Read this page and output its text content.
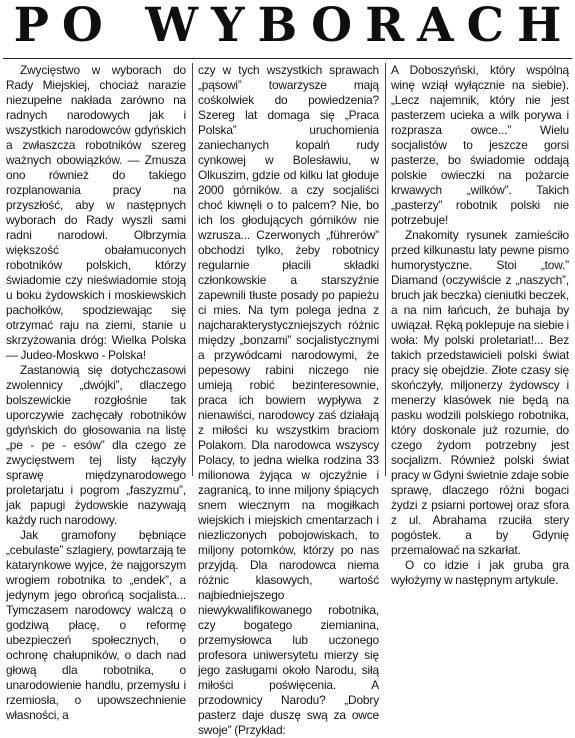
PO WYBORACH

Zwycięstwo w wyborach do Rady Miejskiej, chociaż narazie niezupełne nakłada zarówno na radnych narodowych jak i wszystkich narodowców gdyńskich a zwłaszcza robotników szereg ważnych obowiązków. — Zmusza ono również do takiego rozplanowania pracy na przyszłość, aby w następnych wyborach do Rady wyszli sami radni narodowi. Olbrzymia większość obałamuconych robotników polskich, którzy świadomie czy nieświadomie stoją u boku żydowskich i moskiewskich pachołków, spodziewając się otrzymać raju na ziemi, stanie u skrzyżowania dróg: Wielka Polska — Judeo-Moskwo - Polska!

Zastanowią się dotychczasowi zwolennicy „dwójki”, dlaczego bolszewickie rozgłośnie tak uporczywie zachęcały robotników gdyńskich do głosowania na listę „pe - pe - esów” dla czego ze zwycięstwem tej listy łączyły sprawę międzynarodowego proletarjatu i pogrom „faszyzmu”, jak papugi żydowskie nazywają każdy ruch narodowy.

Jak gramofony bębniące „cebulaste” szlagiery, powtarzają te katarynkowe wyjce, że najgorszym wrogiem robotnika to „endek”, a jedynym jego obrońcą socjalista... Tymczasem narodowcy walczą o godziwą płacę, o reformę ubezpieczeń społecznych, o ochronę chałupników, o dach nad głową dla robotnika, o unarodowienie handlu, przemysłu i rzemiosła, o upowszechnienie własności, a

czy w tych wszystkich sprawach „pąsowi” towarzysze mają cośkolwiek do powiedzenia? Szereg lat domaga się „Praca Polska” uruchomienia zaniechanych kopalń rudy cynkowej w Bolesławiu, w Olkuszim, gdzie od kilku lat głoduje 2000 górników. a czy socjaliści choć kiwnęli o to palcem? Nie, bo ich los głodujących górników nie wzrusza... Czerwonych „führerów” obchodzi tylko, żeby robotnicy regularnie płacili składki członkowskie a starszyźnie zapewnili tłuste posady po papieżu ci mies. Na tym polega jedna z najcharakterystyczniejszych różnic między „bonzami” socjalistycznymi a przywódcami narodowymi, że pepesowy rabini niczego nie umieją robić bezinteresownie, praca ich bowiem wypływa z nienawiści, narodowcy zaś działają z miłości ku wszystkim braciom Polakom. Dla narodowca wszyscy Polacy, to jedna wielka rodzina 33 milionowa żyjąca w ojczyźnie i zagranicą, to inne miljony śpiących snem wiecznym na mogiłkach wiejskich i miejskich cmentarzach i niezliczonych pobojowiskach, to miljony potomków, którzy po nas przyjdą. Dla narodowca niema różnic klasowych, wartość najbiedniejszego niewykwalifikowanego robotnika, czy bogatego ziemianina, przemysłowca lub uczonego profesora uniwersytetu mierzy się jego zasługami około Narodu, siłą miłości poświęcenia. A przodownicy Narodu? „Dobry pasterz daje duszę swą za owce swoje” (Przykład:

A Doboszyński, który wspólną winę wziął wyłącznie na siebie). „Lecz najemnik, który nie jest pasterzem ucieka a wilk porywa i rozprasza owce...” Wielu socjalistów to jeszcze gorsi pasterze, bo świadomie oddają polskie owieczki na pożarcie krwawych „wilków”. Takich „pasterzy” robotnik polski nie potrzebuje!

Znakomity rysunek zamieściło przed kilkunastu laty pewne pismo humorystyczne. Stoi „tow.” Diamand (oczywiście z „naszych”, bruch jak beczka) cieniutki beczek, a na nim łańcuch, że buhaja by uwiązał. Ręką poklepuje na siebie i woła: My polski proletariat!... Bez takich przedstawicieli polski świat pracy się obejdzie. Złote czasy się skończyły, miljonerzy żydowscy i menerzy klasówek nie będą na pasku wodzili polskiego robotnika, który doskonale już rozumie, do czego żydom potrzebny jest socjalizm. Również polski świat pracy w Gdyni świetnie zdaje sobie sprawę, dlaczego różni bogaci żydzi z psiarni portowej oraz sfora z ul. Abrahama rzuciła stery pogóstek. a by Gdynię przemalować na szkarłat.

O co idzie i jak gruba gra wyłożymy w następnym artykule.
